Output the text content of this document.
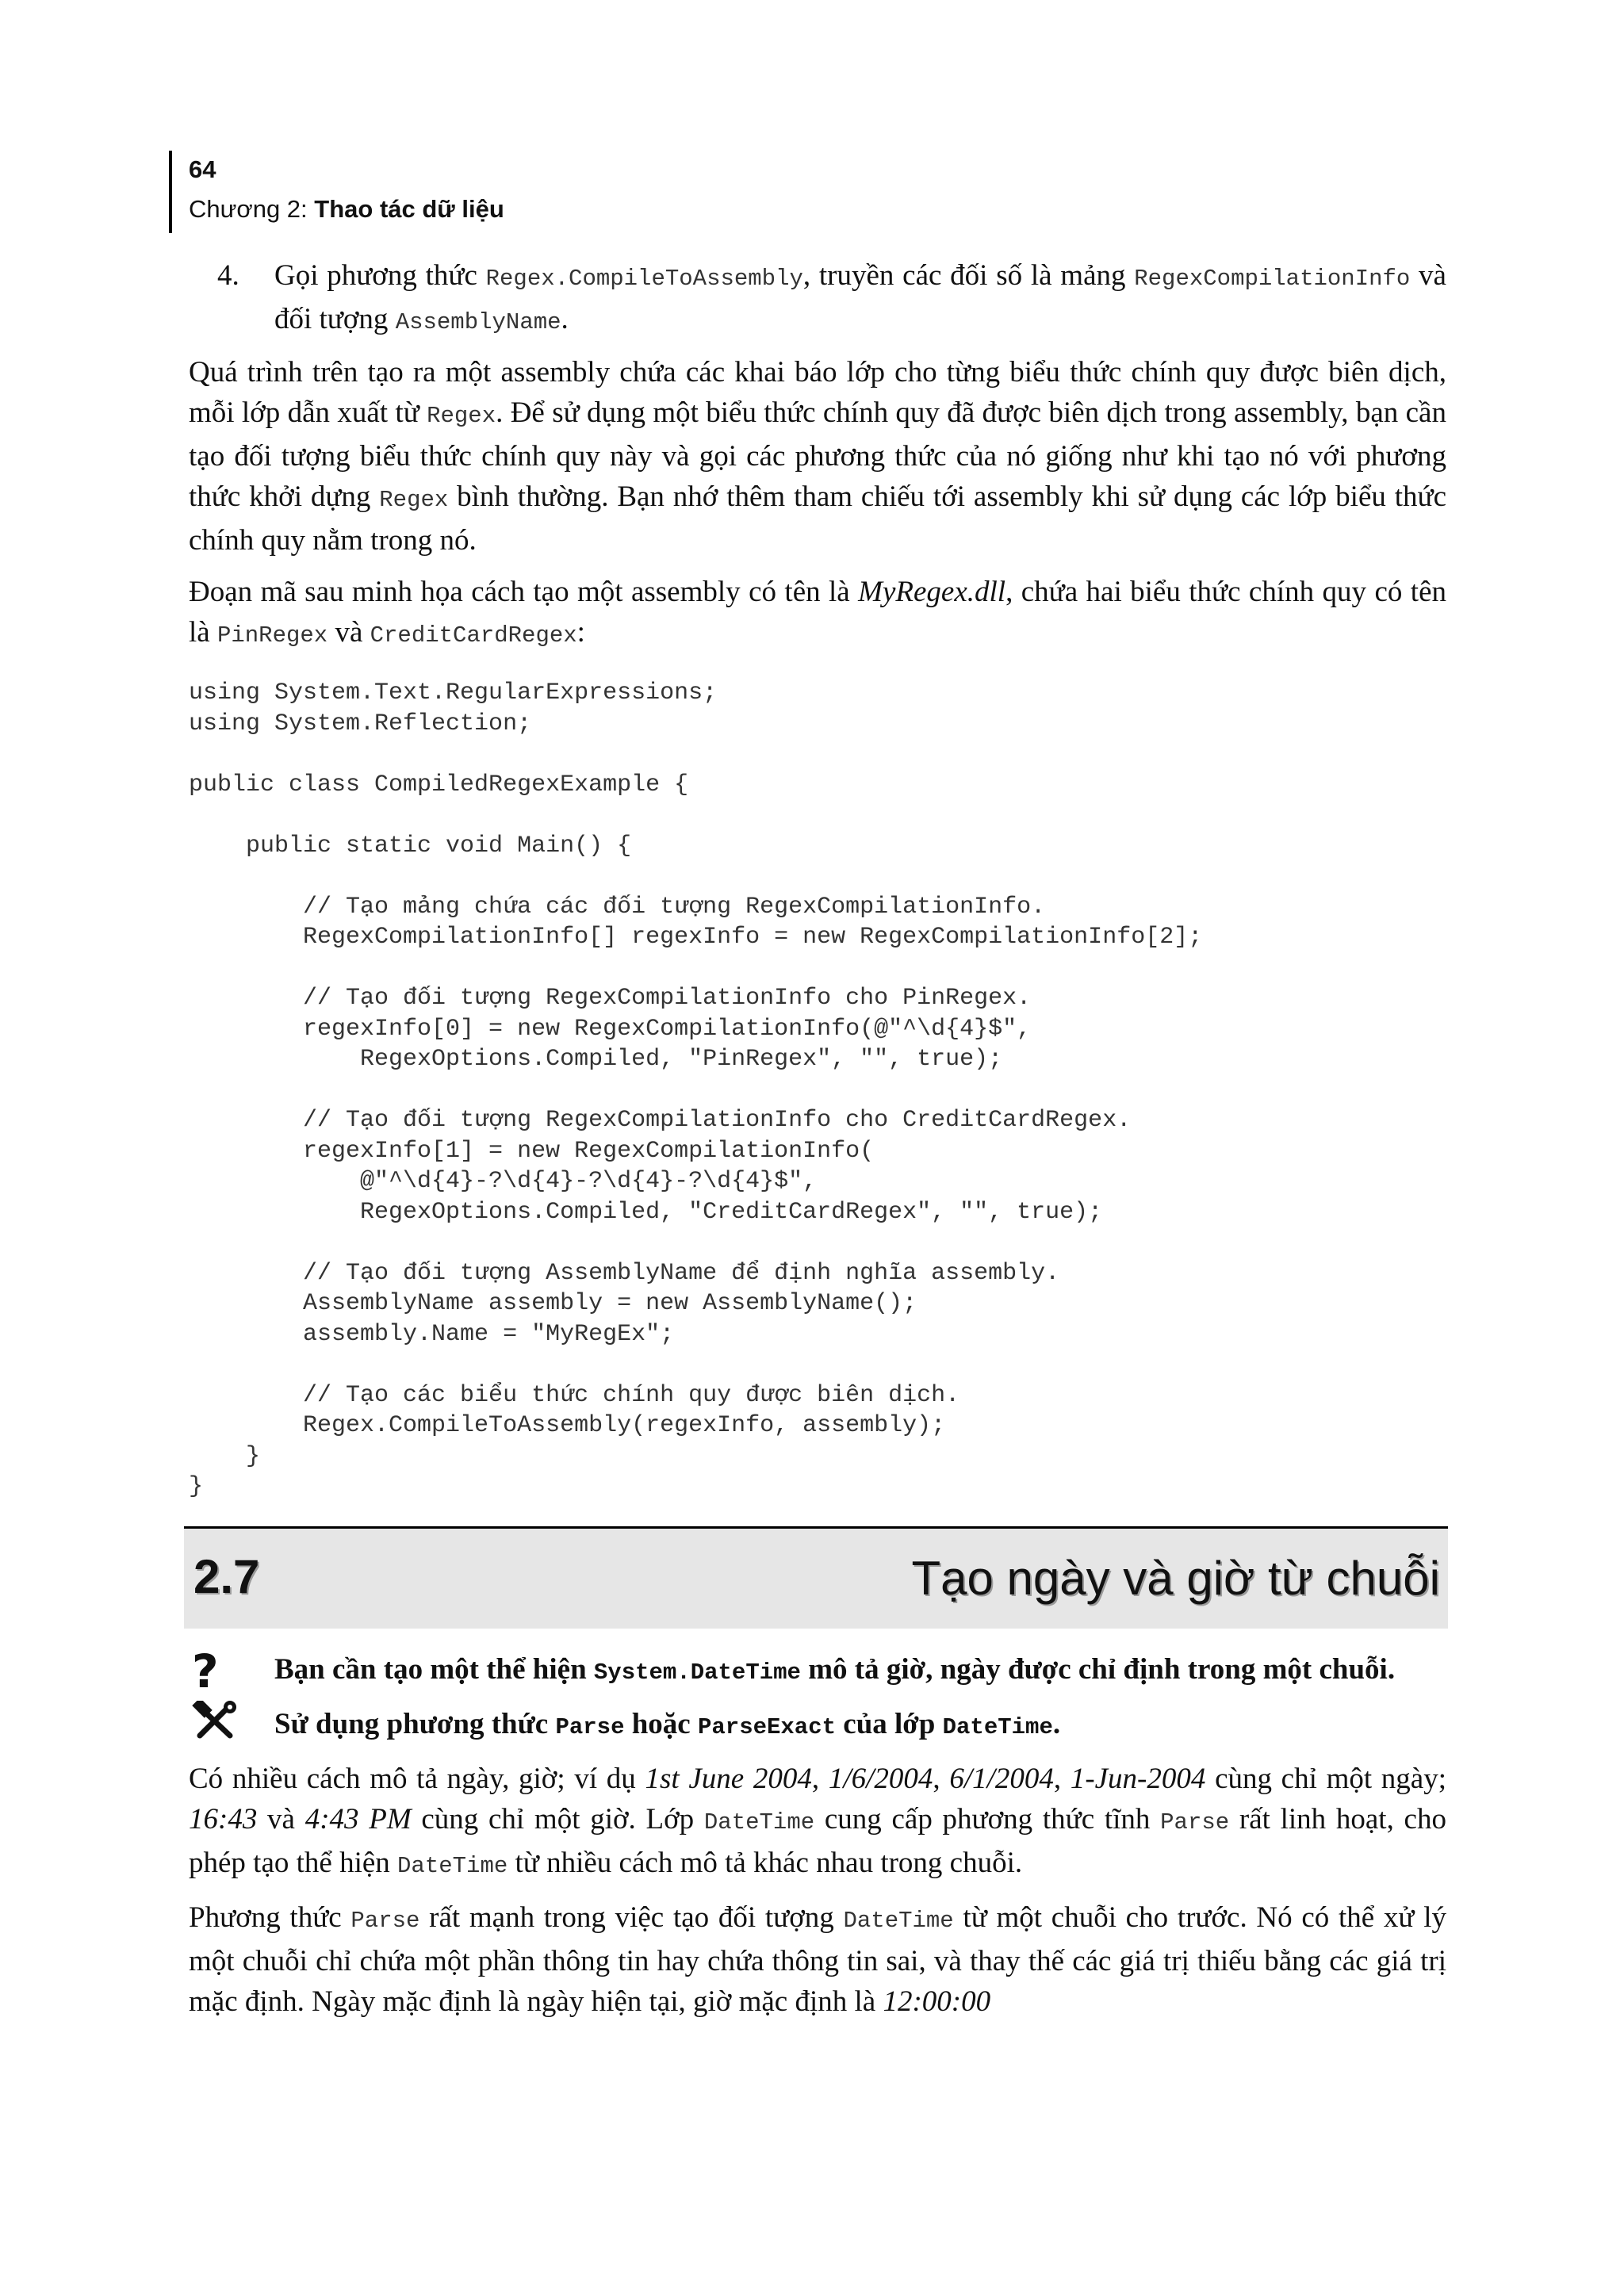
64
Chương 2: Thao tác dữ liệu
4.	Gọi phương thức Regex.CompileToAssembly, truyền các đối số là mảng RegexCompilationInfo và đối tượng AssemblyName.

Quá trình trên tạo ra một assembly chứa các khai báo lớp cho từng biểu thức chính quy được biên dịch, mỗi lớp dẫn xuất từ Regex. Để sử dụng một biểu thức chính quy đã được biên dịch trong assembly, bạn cần tạo đối tượng biểu thức chính quy này và gọi các phương thức của nó giống như khi tạo nó với phương thức khởi dựng Regex bình thường. Bạn nhớ thêm tham chiếu tới assembly khi sử dụng các lớp biểu thức chính quy nằm trong nó.

Đoạn mã sau minh họa cách tạo một assembly có tên là MyRegex.dll, chứa hai biểu thức chính quy có tên là PinRegex và CreditCardRegex:

using System.Text.RegularExpressions;
using System.Reflection;

public class CompiledRegexExample {

public static void Main() {

// Tạo mảng chứa các đối tượng RegexCompilationInfo.
RegexCompilationInfo[] regexInfo = new RegexCompilationInfo[2];

// Tạo đối tượng RegexCompilationInfo cho PinRegex.
regexInfo[0] = new RegexCompilationInfo(@"^\d{4}$",
RegexOptions.Compiled, "PinRegex", "", true);

// Tạo đối tượng RegexCompilationInfo cho CreditCardRegex.
regexInfo[1] = new RegexCompilationInfo(
@"^\d{4}-?\d{4}-?\d{4}-?\d{4}$",
RegexOptions.Compiled, "CreditCardRegex", "", true);

// Tạo đối tượng AssemblyName để định nghĩa assembly.
AssemblyName assembly = new AssemblyName();
assembly.Name = "MyRegEx";

// Tạo các biểu thức chính quy được biên dịch.
Regex.CompileToAssembly(regexInfo, assembly);
}
}
2.7	Tạo ngày và giờ từ chuỗi
?	Bạn cần tạo một thể hiện System.DateTime mô tả giờ, ngày được chỉ định trong một chuỗi.
Sử dụng phương thức Parse hoặc ParseExact của lớp DateTime.

Có nhiều cách mô tả ngày, giờ; ví dụ 1st June 2004, 1/6/2004, 6/1/2004, 1-Jun-2004 cùng chỉ một ngày; 16:43 và 4:43 PM cùng chỉ một giờ. Lớp DateTime cung cấp phương thức tĩnh Parse rất linh hoạt, cho phép tạo thể hiện DateTime từ nhiều cách mô tả khác nhau trong chuỗi.

Phương thức Parse rất mạnh trong việc tạo đối tượng DateTime từ một chuỗi cho trước. Nó có thể xử lý một chuỗi chỉ chứa một phần thông tin hay chứa thông tin sai, và thay thế các giá trị thiếu bằng các giá trị mặc định. Ngày mặc định là ngày hiện tại, giờ mặc định là 12:00:00
